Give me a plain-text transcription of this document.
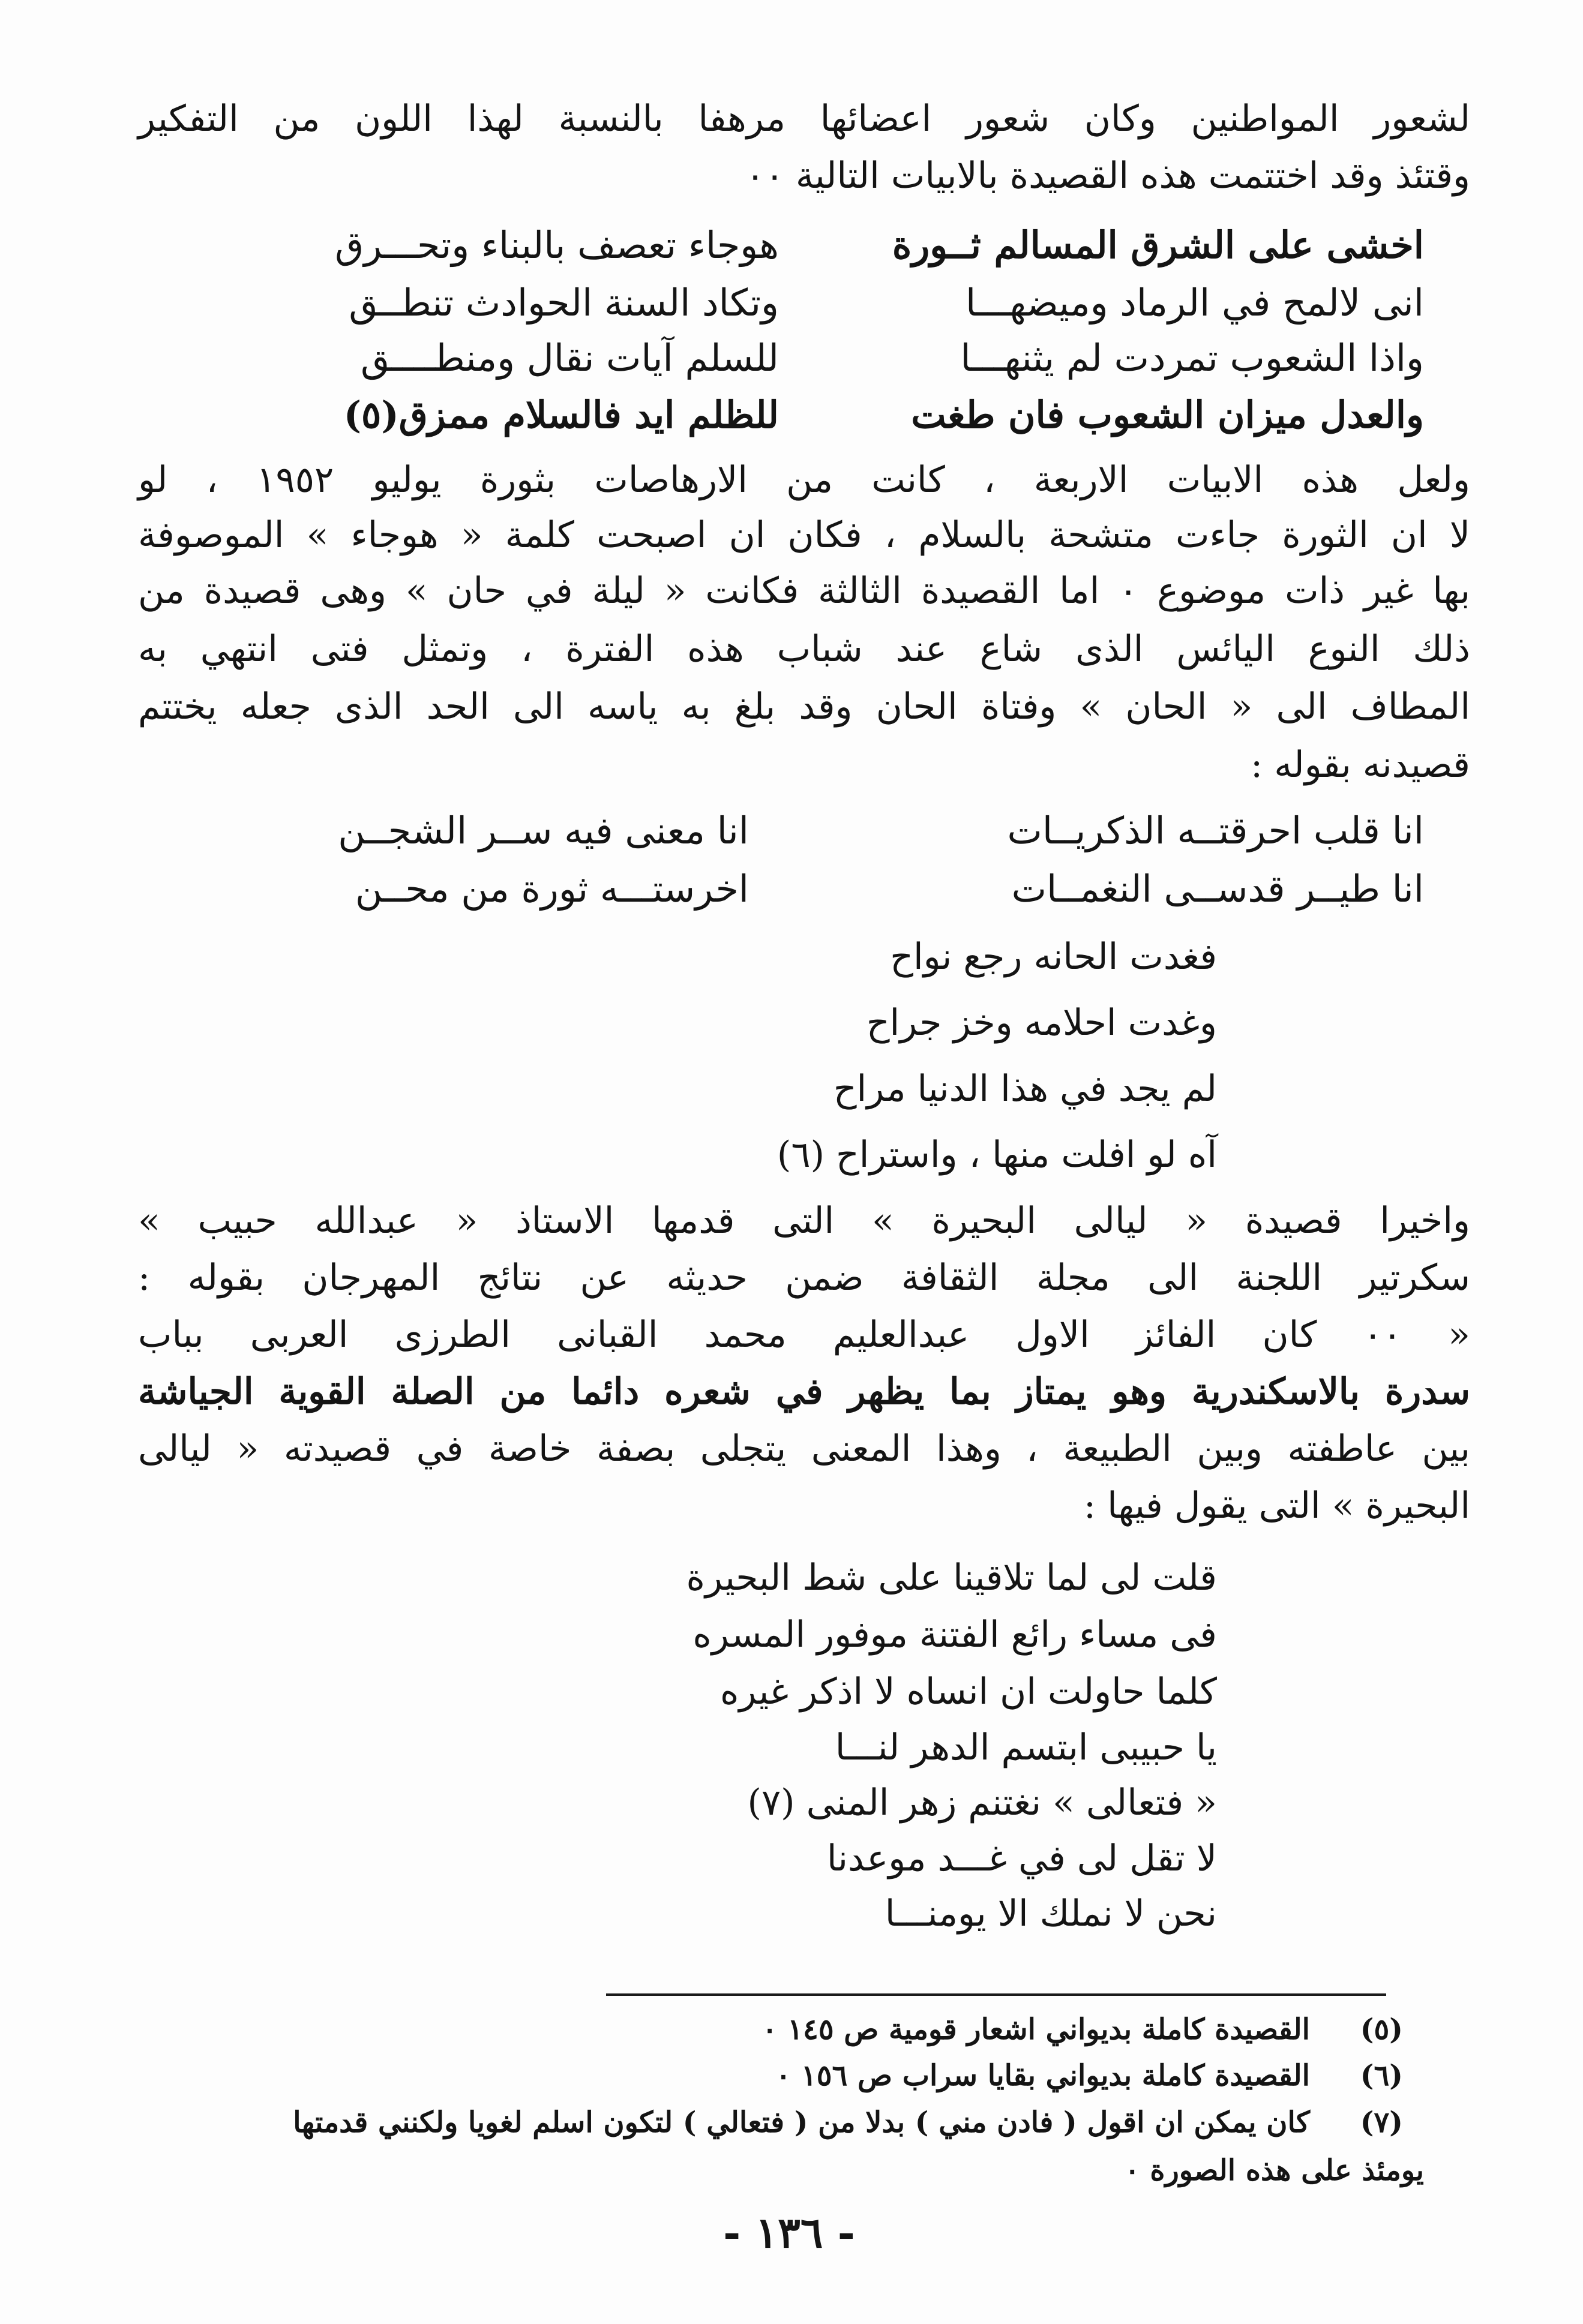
لشعور المواطنين وكان شعور اعضائها مرهفا بالنسبة لهذا اللون من التفكير
وقتئذ وقد اختتمت هذه القصيدة بالابيات التالية ٠٠
اخشى على الشرق المسالم ثــورة
هوجاء تعصف بالبناء وتحـــرق
انى لالمح في الرماد وميضهـــا
وتكاد السنة الحوادث تنطــق
واذا الشعوب تمردت لم يثنهـــا
للسلم آيات نقال ومنطــــق
والعدل ميزان الشعوب فان طغت
للظلم ايد فالسلام ممزق(٥)
ولعل هذه الابيات الاربعة ، كانت من الارهاصات بثورة يوليو ١٩٥٢ ، لو
لا ان الثورة جاءت متشحة بالسلام ، فكان ان اصبحت كلمة « هوجاء » الموصوفة
بها غير ذات موضوع ٠ اما القصيدة الثالثة فكانت « ليلة في حان » وهى قصيدة من
ذلك النوع اليائس الذى شاع عند شباب هذه الفترة ، وتمثل فتى انتهي به
المطاف الى « الحان » وفتاة الحان وقد بلغ به ياسه الى الحد الذى جعله يختتم
قصيدنه بقوله :
انا قلب احرقتــه الذكريــات
انا معنى فيه ســر الشجــن
انا طيــر قدســى النغمــات
اخرستـــه ثورة من محــن
فغدت الحانه رجع نواح
وغدت احلامه وخز جراح
لم يجد في هذا الدنيا مراح
آه لو افلت منها ، واستراح (٦)
واخيرا قصيدة « ليالى البحيرة » التى قدمها الاستاذ « عبدالله حبيب »
سكرتير اللجنة الى مجلة الثقافة ضمن حديثه عن نتائج المهرجان بقوله :
« ٠٠ كان الفائز الاول عبدالعليم محمد القبانى الطرزى العربى بباب
سدرة بالاسكندرية وهو يمتاز بما يظهر في شعره دائما من الصلة القوية الجياشة
بين عاطفته وبين الطبيعة ، وهذا المعنى يتجلى بصفة خاصة في قصيدته « ليالى
البحيرة » التى يقول فيها :
قلت لى لما تلاقينا على شط البحيرة
فى مساء رائع الفتنة موفور المسره
كلما حاولت ان انساه لا اذكر غيره
يا حبيبى ابتسم الدهر لنـــا
« فتعالى » نغتنم زهر المنى (٧)
لا تقل لى في غـــد موعدنا
نحن لا نملك الا يومنـــا
(٥)
القصيدة كاملة بديواني اشعار قومية ص ١٤٥ ٠
(٦)
القصيدة كاملة بديواني بقايا سراب ص ١٥٦ ٠
(٧)
كان يمكن ان اقول ( فادن مني ) بدلا من ( فتعالي ) لتكون اسلم لغويا ولكنني قدمتها
يومئذ على هذه الصورة ٠
- ١٣٦ -
